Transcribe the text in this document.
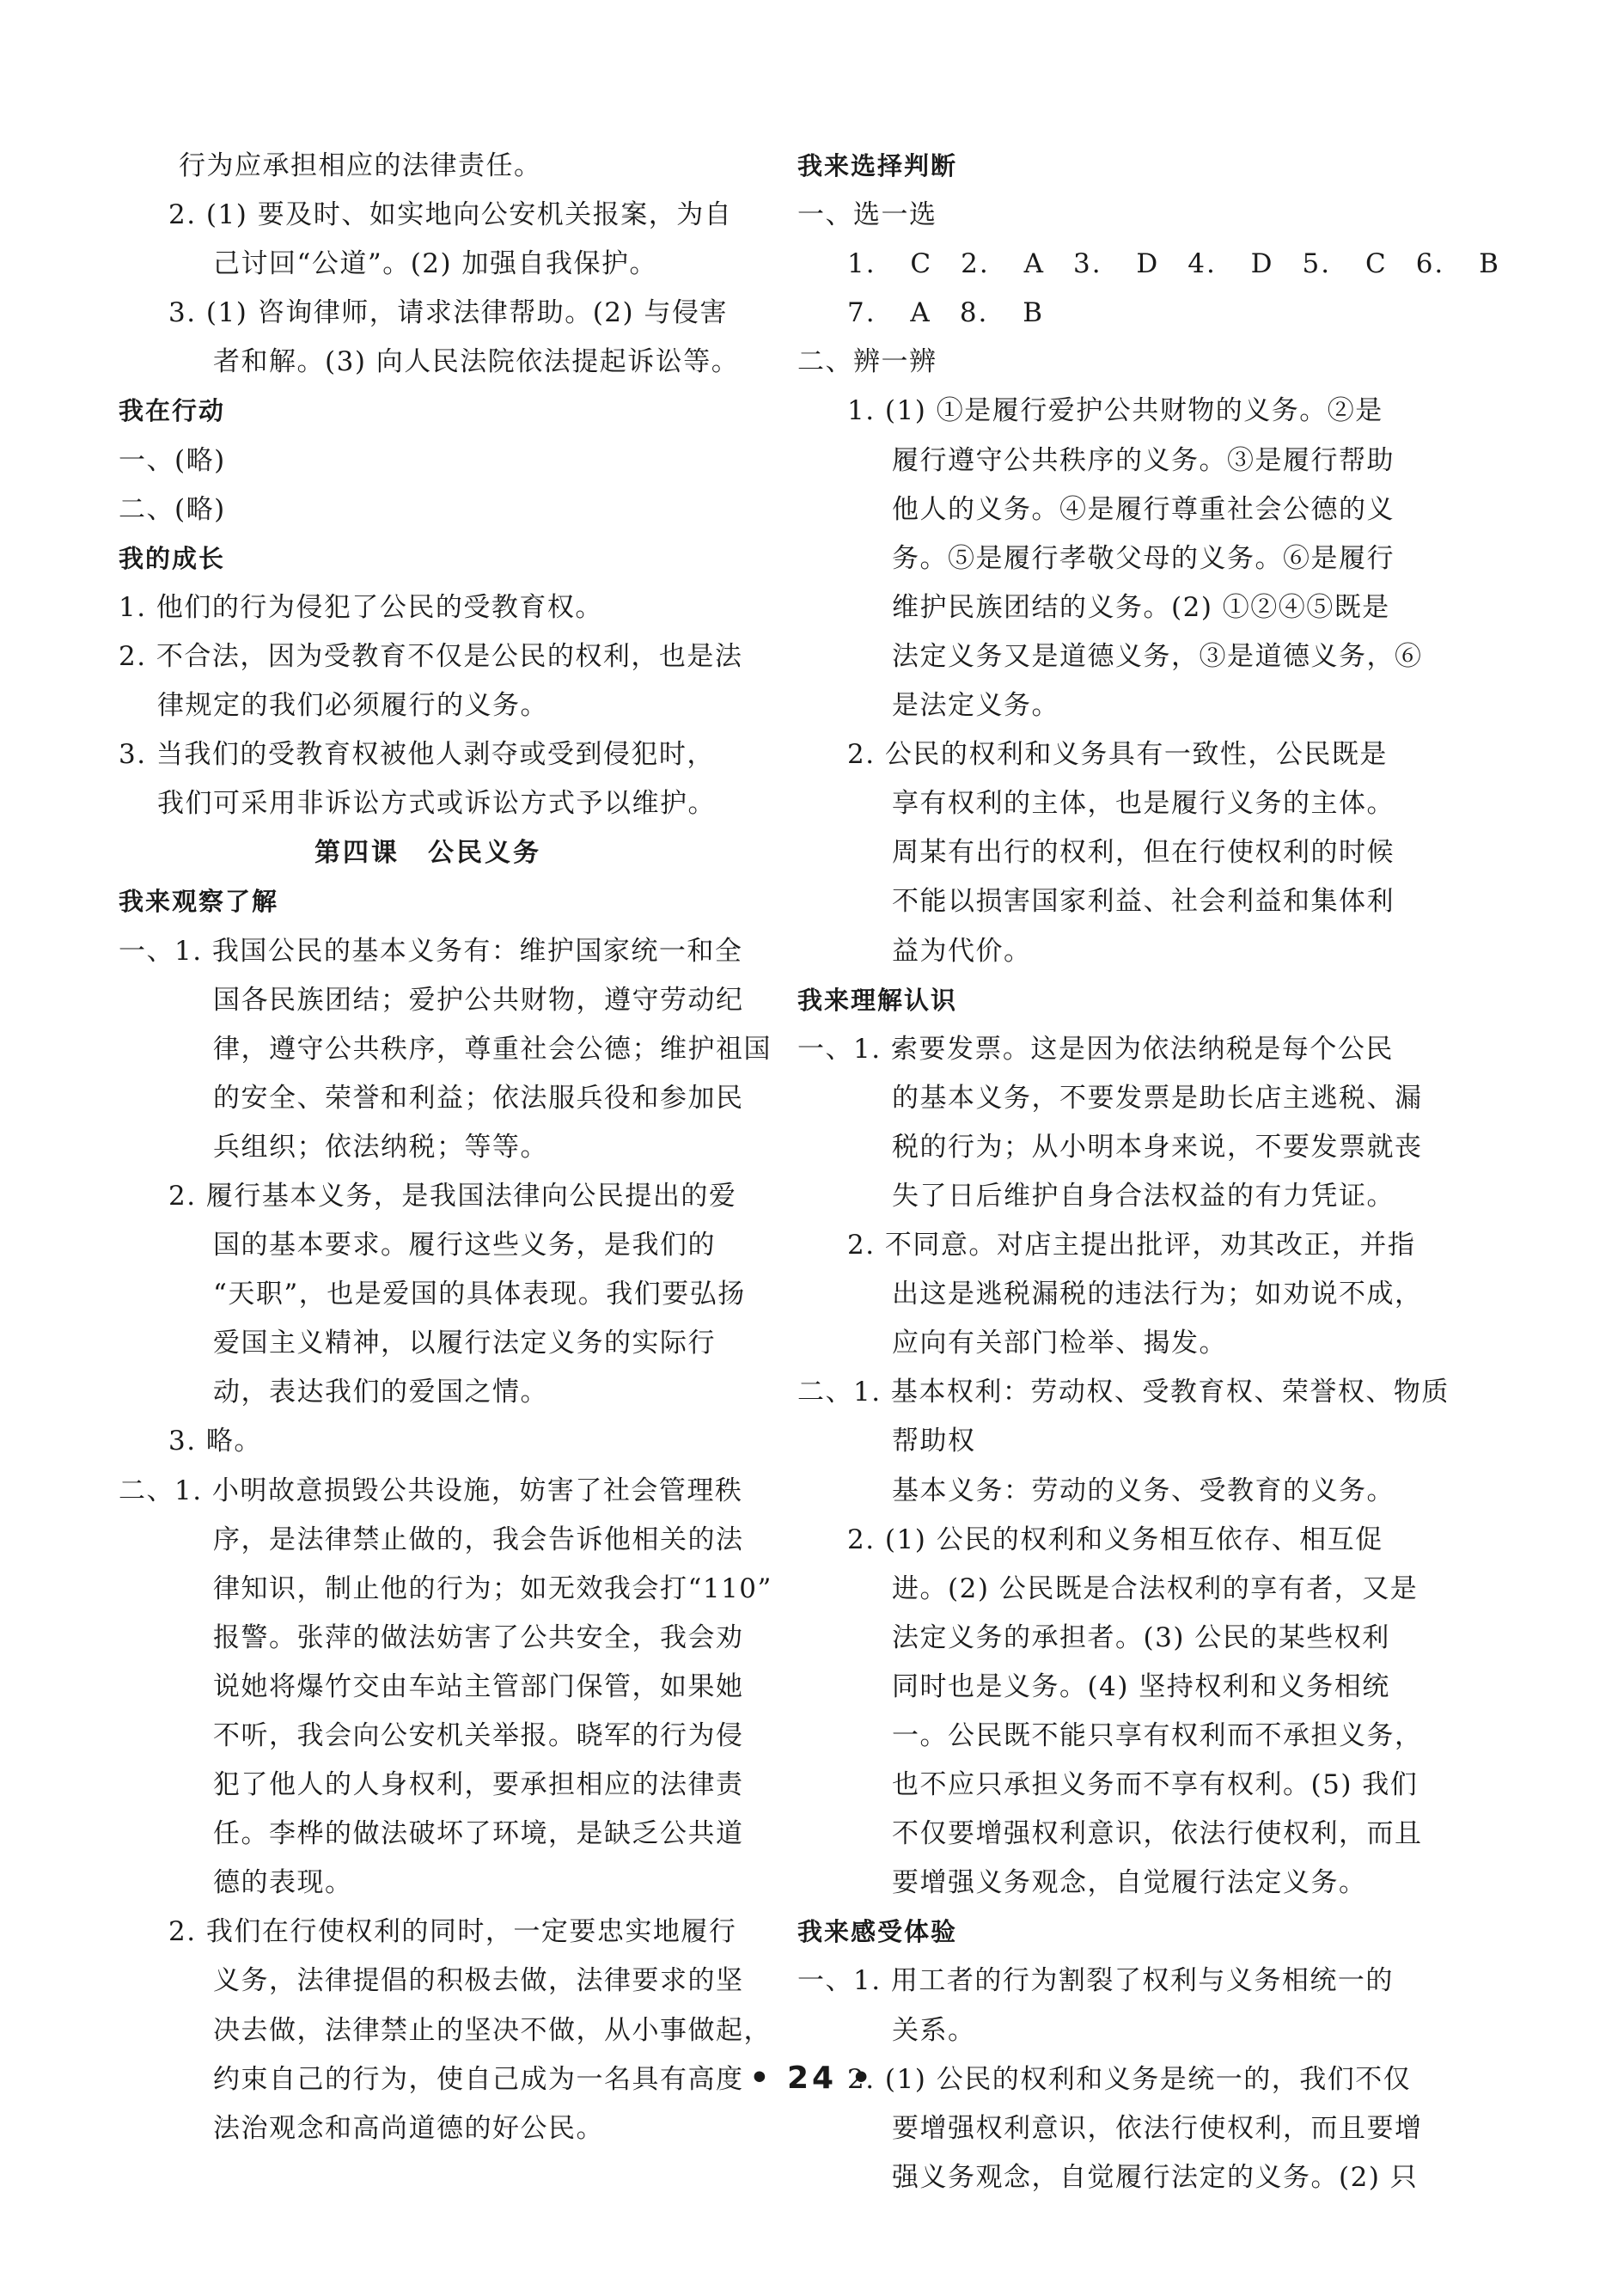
行为应承担相应的法律责任。
2. (1) 要及时、如实地向公安机关报案，为自
己讨回“公道”。(2) 加强自我保护。
3. (1) 咨询律师，请求法律帮助。(2) 与侵害
者和解。(3) 向人民法院依法提起诉讼等。
我在行动
一、(略)
二、(略)
我的成长
1. 他们的行为侵犯了公民的受教育权。
2. 不合法，因为受教育不仅是公民的权利，也是法
律规定的我们必须履行的义务。
3. 当我们的受教育权被他人剥夺或受到侵犯时，
我们可采用非诉讼方式或诉讼方式予以维护。
第四课　公民义务
我来观察了解
一、1. 我国公民的基本义务有：维护国家统一和全
国各民族团结；爱护公共财物，遵守劳动纪
律，遵守公共秩序，尊重社会公德；维护祖国
的安全、荣誉和利益；依法服兵役和参加民
兵组织；依法纳税；等等。
2. 履行基本义务，是我国法律向公民提出的爱
国的基本要求。履行这些义务，是我们的
“天职”，也是爱国的具体表现。我们要弘扬
爱国主义精神，以履行法定义务的实际行
动，表达我们的爱国之情。
3. 略。
二、1. 小明故意损毁公共设施，妨害了社会管理秩
序，是法律禁止做的，我会告诉他相关的法
律知识，制止他的行为；如无效我会打“110”
报警。张萍的做法妨害了公共安全，我会劝
说她将爆竹交由车站主管部门保管，如果她
不听，我会向公安机关举报。晓军的行为侵
犯了他人的人身权利，要承担相应的法律责
任。李桦的做法破坏了环境，是缺乏公共道
德的表现。
2. 我们在行使权利的同时，一定要忠实地履行
义务，法律提倡的积极去做，法律要求的坚
决去做，法律禁止的坚决不做，从小事做起，
约束自己的行为，使自己成为一名具有高度
法治观念和高尚道德的好公民。
我来选择判断
一、选一选
1. C　2. A　3. D　4. D　5. C　6. B
7. A　8. B
二、辨一辨
1. (1) ①是履行爱护公共财物的义务。②是
履行遵守公共秩序的义务。③是履行帮助
他人的义务。④是履行尊重社会公德的义
务。⑤是履行孝敬父母的义务。⑥是履行
维护民族团结的义务。(2) ①②④⑤既是
法定义务又是道德义务，③是道德义务，⑥
是法定义务。
2. 公民的权利和义务具有一致性，公民既是
享有权利的主体，也是履行义务的主体。
周某有出行的权利，但在行使权利的时候
不能以损害国家利益、社会利益和集体利
益为代价。
我来理解认识
一、1. 索要发票。这是因为依法纳税是每个公民
的基本义务，不要发票是助长店主逃税、漏
税的行为；从小明本身来说，不要发票就丧
失了日后维护自身合法权益的有力凭证。
2. 不同意。对店主提出批评，劝其改正，并指
出这是逃税漏税的违法行为；如劝说不成，
应向有关部门检举、揭发。
二、1. 基本权利：劳动权、受教育权、荣誉权、物质
帮助权
基本义务：劳动的义务、受教育的义务。
2. (1) 公民的权利和义务相互依存、相互促
进。(2) 公民既是合法权利的享有者，又是
法定义务的承担者。(3) 公民的某些权利
同时也是义务。(4) 坚持权利和义务相统
一。公民既不能只享有权利而不承担义务，
也不应只承担义务而不享有权利。(5) 我们
不仅要增强权利意识，依法行使权利，而且
要增强义务观念，自觉履行法定义务。
我来感受体验
一、1. 用工者的行为割裂了权利与义务相统一的
关系。
2. (1) 公民的权利和义务是统一的，我们不仅
要增强权利意识，依法行使权利，而且要增
强义务观念，自觉履行法定的义务。(2) 只
• 24 •
